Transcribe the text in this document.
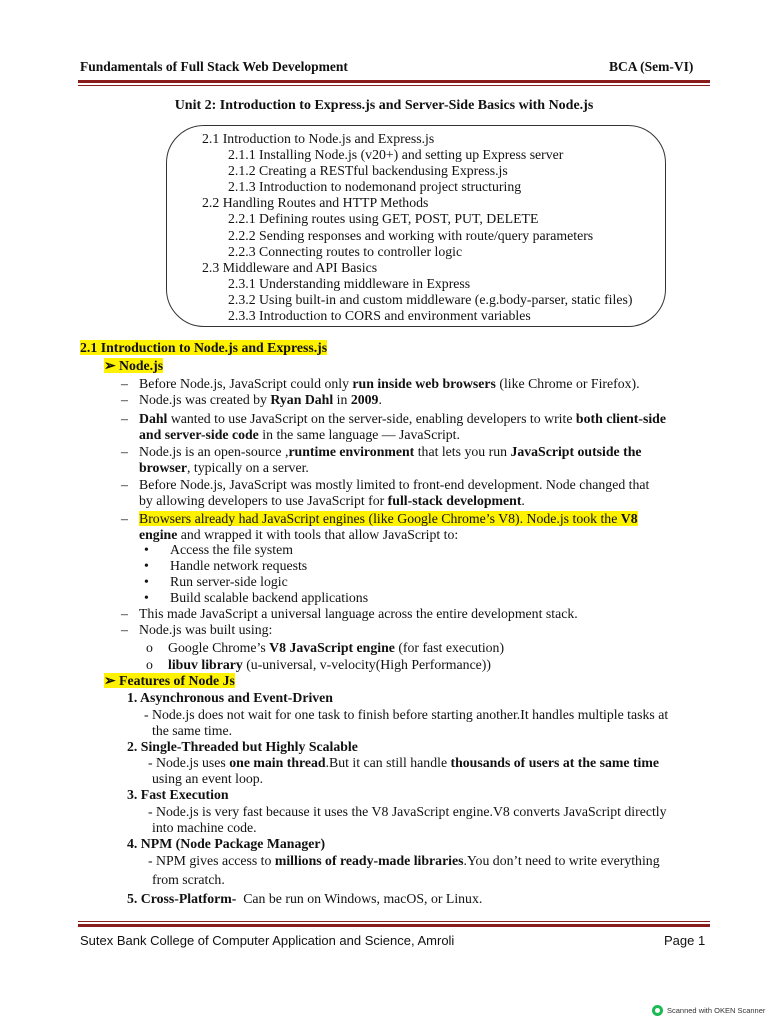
Fundamentals of Full Stack Web Development	BCA (Sem-VI)
Unit 2: Introduction to Express.js and Server-Side Basics with Node.js
2.1 Introduction to Node.js and Express.js
2.1.1 Installing Node.js (v20+) and setting up Express server
2.1.2 Creating a RESTful backendusing Express.js
2.1.3 Introduction to nodemonand project structuring
2.2 Handling Routes and HTTP Methods
2.2.1 Defining routes using GET, POST, PUT, DELETE
2.2.2 Sending responses and working with route/query parameters
2.2.3 Connecting routes to controller logic
2.3 Middleware and API Basics
2.3.1 Understanding middleware in Express
2.3.2 Using built-in and custom middleware (e.g.body-parser, static files)
2.3.3 Introduction to CORS and environment variables
2.1 Introduction to Node.js and Express.js
➢ Node.js
– Before Node.js, JavaScript could only run inside web browsers (like Chrome or Firefox).
– Node.js was created by Ryan Dahl in 2009.
– Dahl wanted to use JavaScript on the server-side, enabling developers to write both client-side
and server-side code in the same language — JavaScript.
– Node.js is an open-source ,runtime environment that lets you run JavaScript outside the
browser, typically on a server.
– Before Node.js, JavaScript was mostly limited to front-end development. Node changed that
by allowing developers to use JavaScript for full-stack development.
– Browsers already had JavaScript engines (like Google Chrome’s V8). Node.js took the V8
engine and wrapped it with tools that allow JavaScript to:
• Access the file system
• Handle network requests
• Run server-side logic
• Build scalable backend applications
– This made JavaScript a universal language across the entire development stack.
– Node.js was built using:
o Google Chrome’s V8 JavaScript engine (for fast execution)
o libuv library (u-universal, v-velocity(High Performance))
➢ Features of Node Js
1. Asynchronous and Event-Driven
- Node.js does not wait for one task to finish before starting another.It handles multiple tasks at
the same time.
2. Single-Threaded but Highly Scalable
- Node.js uses one main thread.But it can still handle thousands of users at the same time
using an event loop.
3. Fast Execution
- Node.js is very fast because it uses the V8 JavaScript engine.V8 converts JavaScript directly
into machine code.
4. NPM (Node Package Manager)
- NPM gives access to millions of ready-made libraries.You don’t need to write everything
from scratch.
5. Cross-Platform-  Can be run on Windows, macOS, or Linux.
Sutex Bank College of Computer Application and Science, Amroli	Page 1
Scanned with OKEN Scanner
